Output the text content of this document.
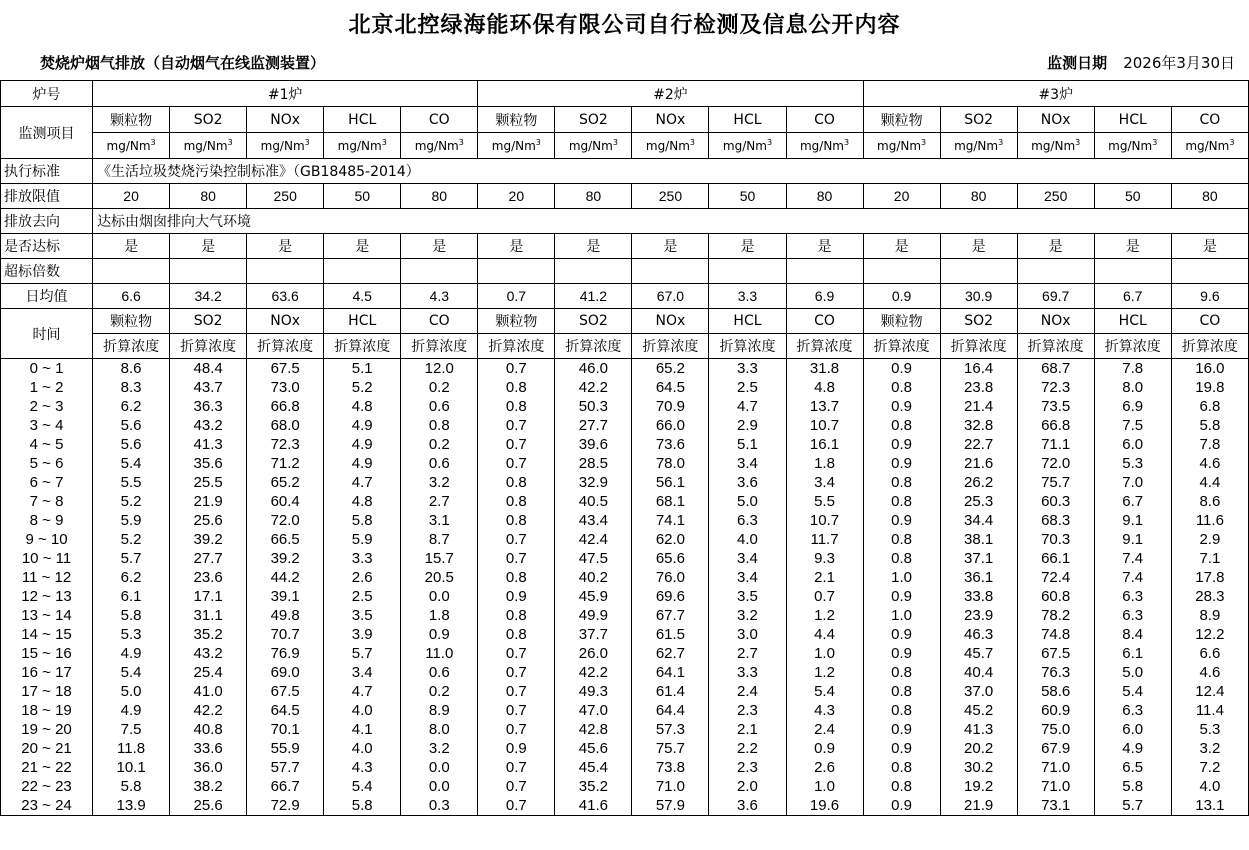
北京北控绿海能环保有限公司自行检测及信息公开内容
焚烧炉烟气排放（自动烟气在线监测装置）	监测日期 2026年3月30日
炉号	#1炉					#2炉					#3炉				
监测项目	颗粒物	SO2	NOx	HCL	CO	颗粒物	SO2	NOx	HCL	CO	颗粒物	SO2	NOx	HCL	CO
	mg/Nm$^3$	mg/Nm$^3$	mg/Nm$^3$	mg/Nm$^3$	mg/Nm$^3$	mg/Nm$^3$	mg/Nm$^3$	mg/Nm$^3$	mg/Nm$^3$	mg/Nm$^3$	mg/Nm$^3$	mg/Nm$^3$	mg/Nm$^3$	mg/Nm$^3$	mg/Nm$^3$
执行标准	《生活垃圾焚烧污染控制标准》（GB18485-2014）														
排放限值	20	80	250	50	80	20	80	250	50	80	20	80	250	50	80
排放去向	达标由烟囱排向大气环境														
是否达标	是	是	是	是	是	是	是	是	是	是	是	是	是	是	是
超标倍数															
日均值	6.6	34.2	63.6	4.5	4.3	0.7	41.2	67.0	3.3	6.9	0.9	30.9	69.7	6.7	9.6
时间	颗粒物	SO2	NOx	HCL	CO	颗粒物	SO2	NOx	HCL	CO	颗粒物	SO2	NOx	HCL	CO
	折算浓度	折算浓度	折算浓度	折算浓度	折算浓度	折算浓度	折算浓度	折算浓度	折算浓度	折算浓度	折算浓度	折算浓度	折算浓度	折算浓度	折算浓度
0 ~ 1	8.6	48.4	67.5	5.1	12.0	0.7	46.0	65.2	3.3	31.8	0.9	16.4	68.7	7.8	16.0
1 ~ 2	8.3	43.7	73.0	5.2	0.2	0.8	42.2	64.5	2.5	4.8	0.8	23.8	72.3	8.0	19.8
2 ~ 3	6.2	36.3	66.8	4.8	0.6	0.8	50.3	70.9	4.7	13.7	0.9	21.4	73.5	6.9	6.8
3 ~ 4	5.6	43.2	68.0	4.9	0.8	0.7	27.7	66.0	2.9	10.7	0.8	32.8	66.8	7.5	5.8
4 ~ 5	5.6	41.3	72.3	4.9	0.2	0.7	39.6	73.6	5.1	16.1	0.9	22.7	71.1	6.0	7.8
5 ~ 6	5.4	35.6	71.2	4.9	0.6	0.7	28.5	78.0	3.4	1.8	0.9	21.6	72.0	5.3	4.6
6 ~ 7	5.5	25.5	65.2	4.7	3.2	0.8	32.9	56.1	3.6	3.4	0.8	26.2	75.7	7.0	4.4
7 ~ 8	5.2	21.9	60.4	4.8	2.7	0.8	40.5	68.1	5.0	5.5	0.8	25.3	60.3	6.7	8.6
8 ~ 9	5.9	25.6	72.0	5.8	3.1	0.8	43.4	74.1	6.3	10.7	0.9	34.4	68.3	9.1	11.6
9 ~ 10	5.2	39.2	66.5	5.9	8.7	0.7	42.4	62.0	4.0	11.7	0.8	38.1	70.3	9.1	2.9
10 ~ 11	5.7	27.7	39.2	3.3	15.7	0.7	47.5	65.6	3.4	9.3	0.8	37.1	66.1	7.4	7.1
11 ~ 12	6.2	23.6	44.2	2.6	20.5	0.8	40.2	76.0	3.4	2.1	1.0	36.1	72.4	7.4	17.8
12 ~ 13	6.1	17.1	39.1	2.5	0.0	0.9	45.9	69.6	3.5	0.7	0.9	33.8	60.8	6.3	28.3
13 ~ 14	5.8	31.1	49.8	3.5	1.8	0.8	49.9	67.7	3.2	1.2	1.0	23.9	78.2	6.3	8.9
14 ~ 15	5.3	35.2	70.7	3.9	0.9	0.8	37.7	61.5	3.0	4.4	0.9	46.3	74.8	8.4	12.2
15 ~ 16	4.9	43.2	76.9	5.7	11.0	0.7	26.0	62.7	2.7	1.0	0.9	45.7	67.5	6.1	6.6
16 ~ 17	5.4	25.4	69.0	3.4	0.6	0.7	42.2	64.1	3.3	1.2	0.8	40.4	76.3	5.0	4.6
17 ~ 18	5.0	41.0	67.5	4.7	0.2	0.7	49.3	61.4	2.4	5.4	0.8	37.0	58.6	5.4	12.4
18 ~ 19	4.9	42.2	64.5	4.0	8.9	0.7	47.0	64.4	2.3	4.3	0.8	45.2	60.9	6.3	11.4
19 ~ 20	7.5	40.8	70.1	4.1	8.0	0.7	42.8	57.3	2.1	2.4	0.9	41.3	75.0	6.0	5.3
20 ~ 21	11.8	33.6	55.9	4.0	3.2	0.9	45.6	75.7	2.2	0.9	0.9	20.2	67.9	4.9	3.2
21 ~ 22	10.1	36.0	57.7	4.3	0.0	0.7	45.4	73.8	2.3	2.6	0.8	30.2	71.0	6.5	7.2
22 ~ 23	5.8	38.2	66.7	5.4	0.0	0.7	35.2	71.0	2.0	1.0	0.8	19.2	71.0	5.8	4.0
23 ~ 24	13.9	25.6	72.9	5.8	0.3	0.7	41.6	57.9	3.6	19.6	0.9	21.9	73.1	5.7	13.1
